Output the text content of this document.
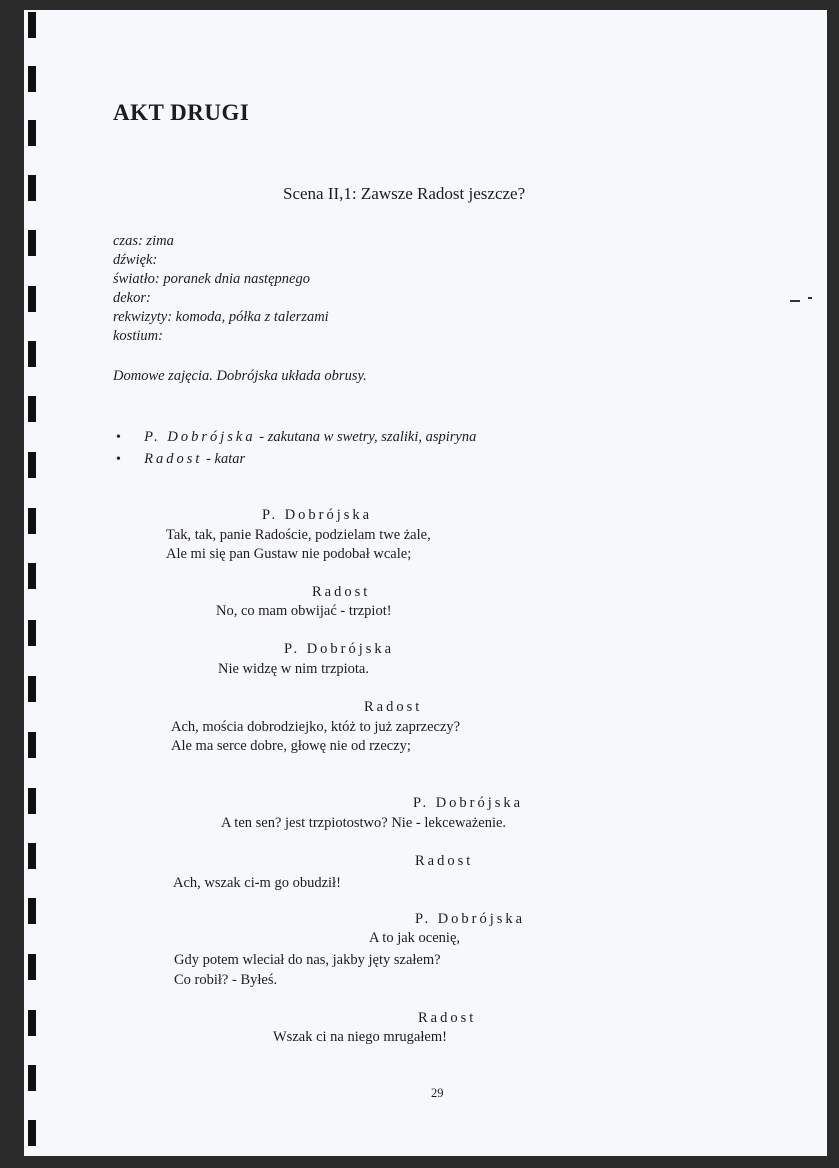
AKT DRUGI
Scena II,1: Zawsze Radost jeszcze?
czas: zima
dźwięk:
światło: poranek dnia następnego
dekor:
rekwizyty: komoda, półka z talerzami
kostium:
Domowe zajęcia. Dobrójska układa obrusy.
• P. Dobrójska - zakutana w swetry, szaliki, aspiryna
• Radost - katar
P. Dobrójska
Tak, tak, panie Radoście, podzielam twe żale,
Ale mi się pan Gustaw nie podobał wcale;
Radost
No, co mam obwijać - trzpiot!
P. Dobrójska
Nie widzę w nim trzpiota.
Radost
Ach, mościa dobrodziejko, któż to już zaprzeczy?
Ale ma serce dobre, głowę nie od rzeczy;
P. Dobrójska
A ten sen? jest trzpiotostwo? Nie - lekceważenie.
Radost
Ach, wszak ci-m go obudził!
P. Dobrójska
A to jak ocenię,
Gdy potem wleciał do nas, jakby jęty szałem?
Co robił? - Byłeś.
Radost
Wszak ci na niego mrugałem!
29
